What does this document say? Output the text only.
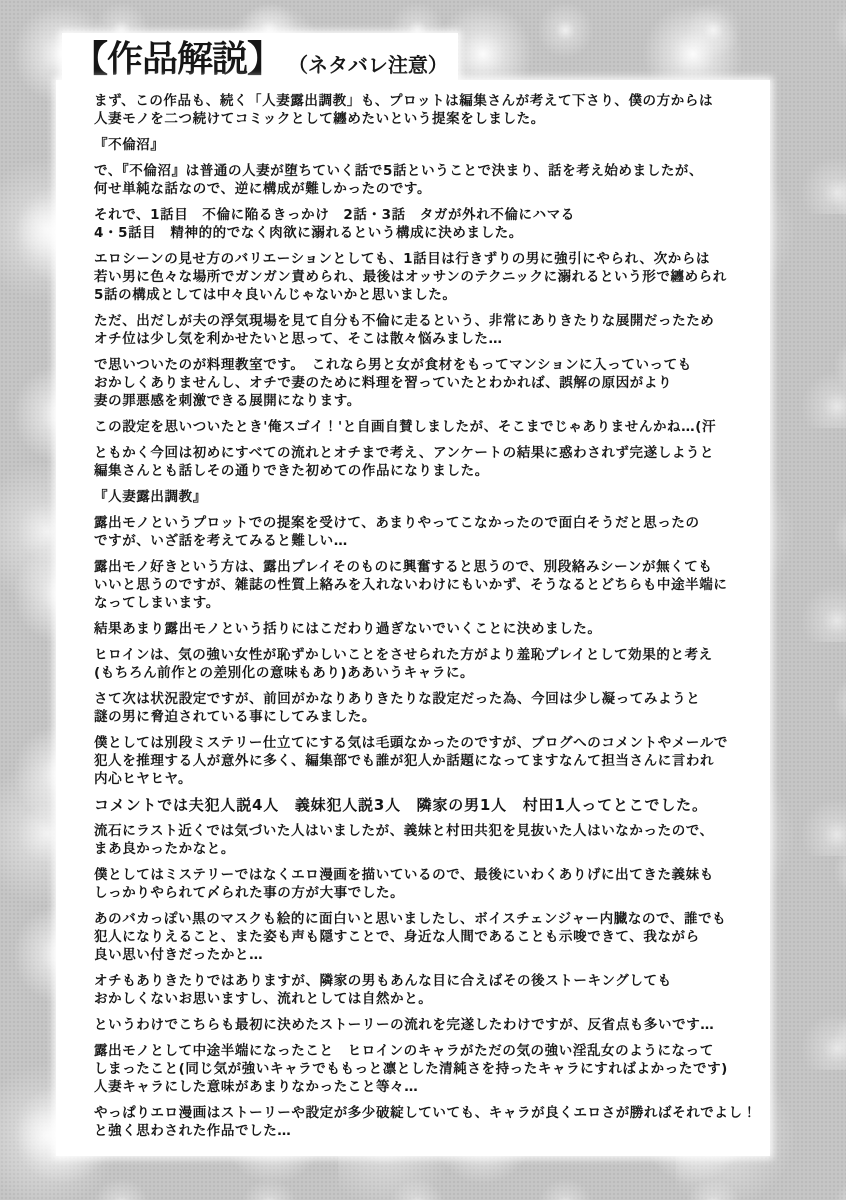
【作品解説】 （ネタバレ注意）
まず、この作品も、続く「人妻露出調教」も、プロットは編集さんが考えて下さり、僕の方からは
人妻モノを二つ続けてコミックとして纏めたいという提案をしました。
『不倫沼』
で、『不倫沼』は普通の人妻が堕ちていく話で5話ということで決まり、話を考え始めましたが、
何せ単純な話なので、逆に構成が難しかったのです。
それで、1話目　不倫に陥るきっかけ　2話・3話　タガが外れ不倫にハマる
4・5話目　精神的的でなく肉欲に溺れるという構成に決めました。
エロシーンの見せ方のバリエーションとしても、1話目は行きずりの男に強引にやられ、次からは
若い男に色々な場所でガンガン責められ、最後はオッサンのテクニックに溺れるという形で纏められ
5話の構成としては中々良いんじゃないかと思いました。
ただ、出だしが夫の浮気現場を見て自分も不倫に走るという、非常にありきたりな展開だったため
オチ位は少し気を利かせたいと思って、そこは散々悩みました…
で思いついたのが料理教室です。　これなら男と女が食材をもってマンションに入っていっても
おかしくありませんし、オチで妻のために料理を習っていたとわかれば、誤解の原因がより
妻の罪悪感を刺激できる展開になります。
この設定を思いついたとき'俺スゴイ！'と自画自賛しましたが、そこまでじゃありませんかね…(汗
ともかく今回は初めにすべての流れとオチまで考え、アンケートの結果に惑わされず完遂しようと
編集さんとも話しその通りできた初めての作品になりました。
『人妻露出調教』
露出モノというプロットでの提案を受けて、あまりやってこなかったので面白そうだと思ったの
ですが、いざ話を考えてみると難しい…
露出モノ好きという方は、露出プレイそのものに興奮すると思うので、別段絡みシーンが無くても
いいと思うのですが、雑誌の性質上絡みを入れないわけにもいかず、そうなるとどちらも中途半端に
なってしまいます。
結果あまり露出モノという括りにはこだわり過ぎないでいくことに決めました。
ヒロインは、気の強い女性が恥ずかしいことをさせられた方がより羞恥プレイとして効果的と考え
(もちろん前作との差別化の意味もあり)ああいうキャラに。
さて次は状況設定ですが、前回がかなりありきたりな設定だった為、今回は少し凝ってみようと
謎の男に脅迫されている事にしてみました。
僕としては別段ミステリー仕立てにする気は毛頭なかったのですが、ブログへのコメントやメールで
犯人を推理する人が意外に多く、編集部でも誰が犯人か話題になってますなんて担当さんに言われ
内心ヒヤヒヤ。
コメントでは夫犯人説4人　義妹犯人説3人　隣家の男1人　村田1人ってとこでした。
流石にラスト近くでは気づいた人はいましたが、義妹と村田共犯を見抜いた人はいなかったので、
まあ良かったかなと。
僕としてはミステリーではなくエロ漫画を描いているので、最後にいわくありげに出てきた義妹も
しっかりやられて〆られた事の方が大事でした。
あのバカっぽい黒のマスクも絵的に面白いと思いましたし、ボイスチェンジャー内臓なので、誰でも
犯人になりえること、また姿も声も隠すことで、身近な人間であることも示唆できて、我ながら
良い思い付きだったかと…
オチもありきたりではありますが、隣家の男もあんな目に合えばその後ストーキングしても
おかしくないお思いますし、流れとしては自然かと。
というわけでこちらも最初に決めたストーリーの流れを完遂したわけですが、反省点も多いです…
露出モノとして中途半端になったこと　ヒロインのキャラがただの気の強い淫乱女のようになって
しまったこと(同じ気が強いキャラでももっと凛とした清純さを持ったキャラにすればよかったです)
人妻キャラにした意味があまりなかったこと等々…
やっぱりエロ漫画はストーリーや設定が多少破綻していても、キャラが良くエロさが勝ればそれでよし！
と強く思わされた作品でした…
